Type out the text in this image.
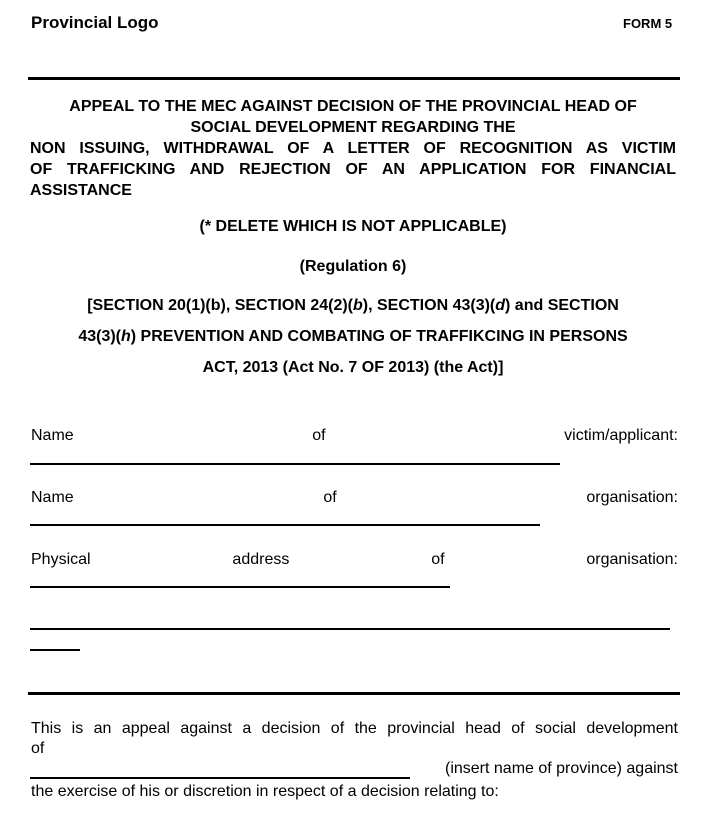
Provincial Logo	FORM 5
APPEAL TO THE MEC AGAINST DECISION OF THE PROVINCIAL HEAD OF
SOCIAL DEVELOPMENT REGARDING THE
NON ISSUING, WITHDRAWAL OF A LETTER OF RECOGNITION AS VICTIM
OF TRAFFICKING AND REJECTION OF AN APPLICATION FOR FINANCIAL
ASSISTANCE
(* DELETE WHICH IS NOT APPLICABLE)
(Regulation 6)
[SECTION 20(1)(b), SECTION 24(2)(b), SECTION 43(3)(d) and SECTION
43(3)(h) PREVENTION AND COMBATING OF TRAFFIKCING IN PERSONS
ACT, 2013 (Act No. 7 OF 2013) (the Act)]
Name	of	victim/applicant:
Name	of	organisation:
Physical	address	of	organisation:
This is an appeal against a decision of the provincial head of social development
of
(insert name of province) against
the exercise of his or discretion in respect of a decision relating to:
